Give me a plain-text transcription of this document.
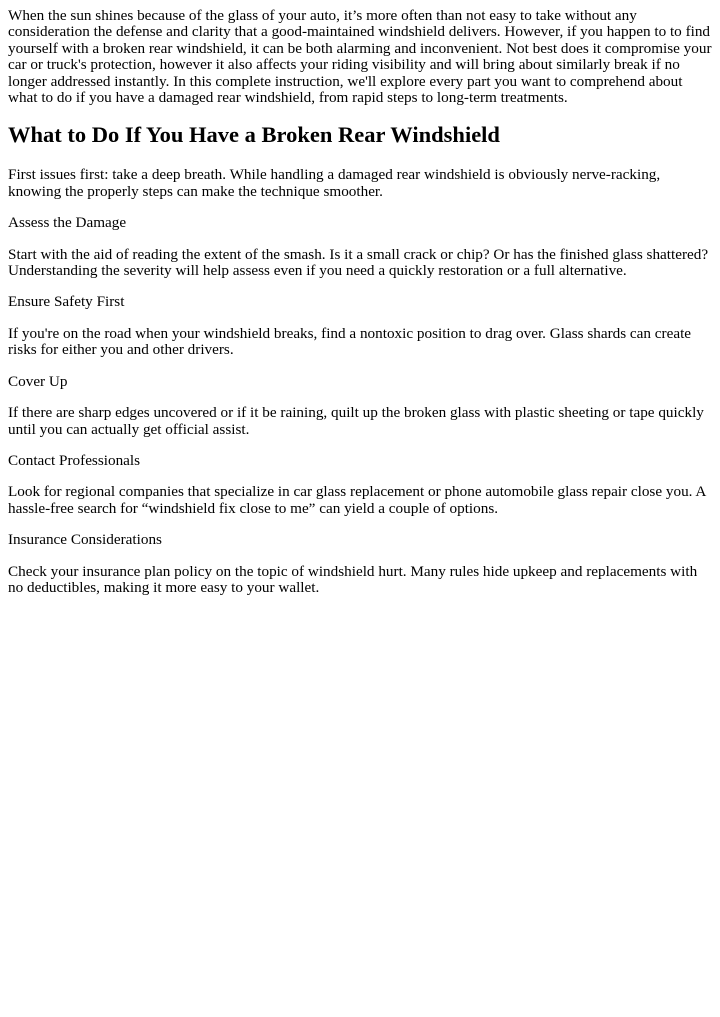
When the sun shines because of the glass of your auto, it’s more often than not easy to take without any consideration the defense and clarity that a good-maintained windshield delivers. However, if you happen to to find yourself with a broken rear windshield, it can be both alarming and inconvenient. Not best does it compromise your car or truck's protection, however it also affects your riding visibility and will bring about similarly break if no longer addressed instantly. In this complete instruction, we'll explore every part you want to comprehend about what to do if you have a damaged rear windshield, from rapid steps to long-term treatments.

What to Do If You Have a Broken Rear Windshield

First issues first: take a deep breath. While handling a damaged rear windshield is obviously nerve-racking, knowing the properly steps can make the technique smoother.

Assess the Damage

Start with the aid of reading the extent of the smash. Is it a small crack or chip? Or has the finished glass shattered? Understanding the severity will help assess even if you need a quickly restoration or a full alternative.

Ensure Safety First

If you're on the road when your windshield breaks, find a nontoxic position to drag over. Glass shards can create risks for either you and other drivers.

Cover Up

If there are sharp edges uncovered or if it be raining, quilt up the broken glass with plastic sheeting or tape quickly until you can actually get official assist.

Contact Professionals

Look for regional companies that specialize in car glass replacement or phone automobile glass repair close you. A hassle-free search for “windshield fix close to me” can yield a couple of options.

Insurance Considerations

Check your insurance plan policy on the topic of windshield hurt. Many rules hide upkeep and replacements with no deductibles, making it more easy to your wallet.
